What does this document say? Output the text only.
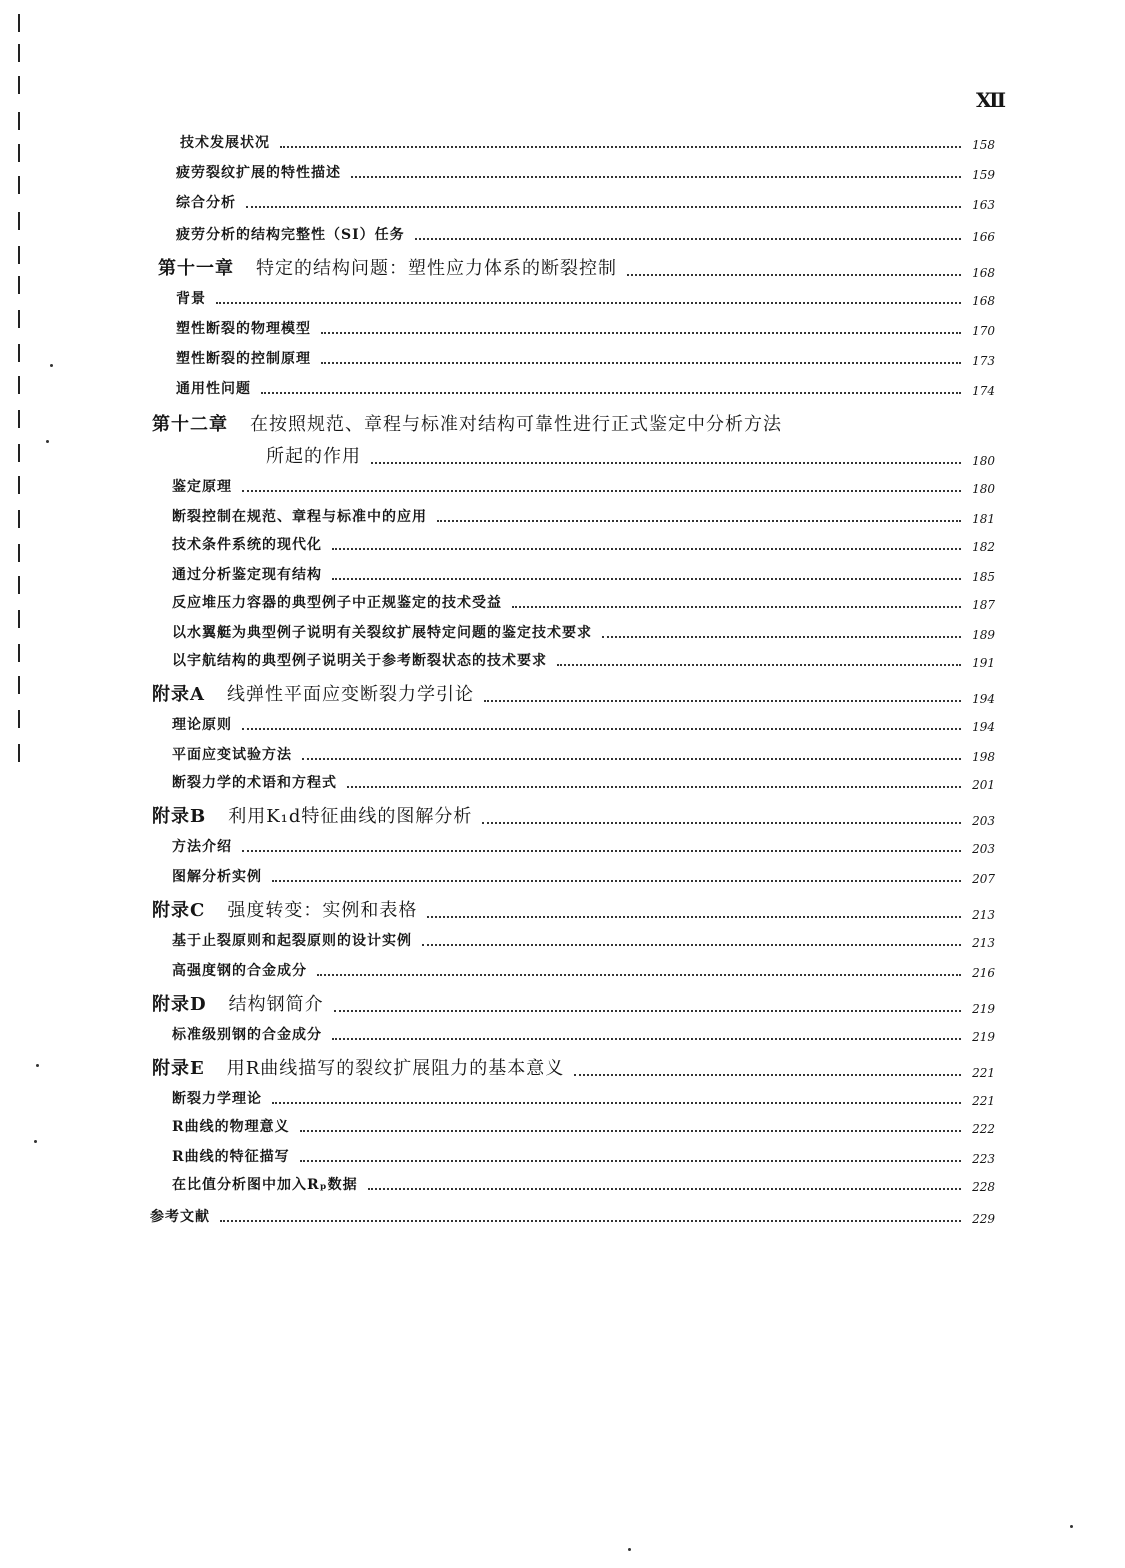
Ⅻ
技术发展状况	158
疲劳裂纹扩展的特性描述	159
综合分析	163
疲劳分析的结构完整性（SI）任务	166
第十一章 特定的结构问题：塑性应力体系的断裂控制	168
背景	168
塑性断裂的物理模型	170
塑性断裂的控制原理	173
通用性问题	174
第十二章 在按照规范、章程与标准对结构可靠性进行正式鉴定中分析方法
所起的作用	180
鉴定原理	180
断裂控制在规范、章程与标准中的应用	181
技术条件系统的现代化	182
通过分析鉴定现有结构	185
反应堆压力容器的典型例子中正规鉴定的技术受益	187
以水翼艇为典型例子说明有关裂纹扩展特定问题的鉴定技术要求	189
以宇航结构的典型例子说明关于参考断裂状态的技术要求	191
附录A 线弹性平面应变断裂力学引论	194
理论原则	194
平面应变试验方法	198
断裂力学的术语和方程式	201
附录B 利用K₁d特征曲线的图解分析	203
方法介绍	203
图解分析实例	207
附录C 强度转变：实例和表格	213
基于止裂原则和起裂原则的设计实例	213
高强度钢的合金成分	216
附录D 结构钢简介	219
标准级别钢的合金成分	219
附录E 用R曲线描写的裂纹扩展阻力的基本意义	221
断裂力学理论	221
R曲线的物理意义	222
R曲线的特征描写	223
在比值分析图中加入Rₚ数据	228
参考文献	229
